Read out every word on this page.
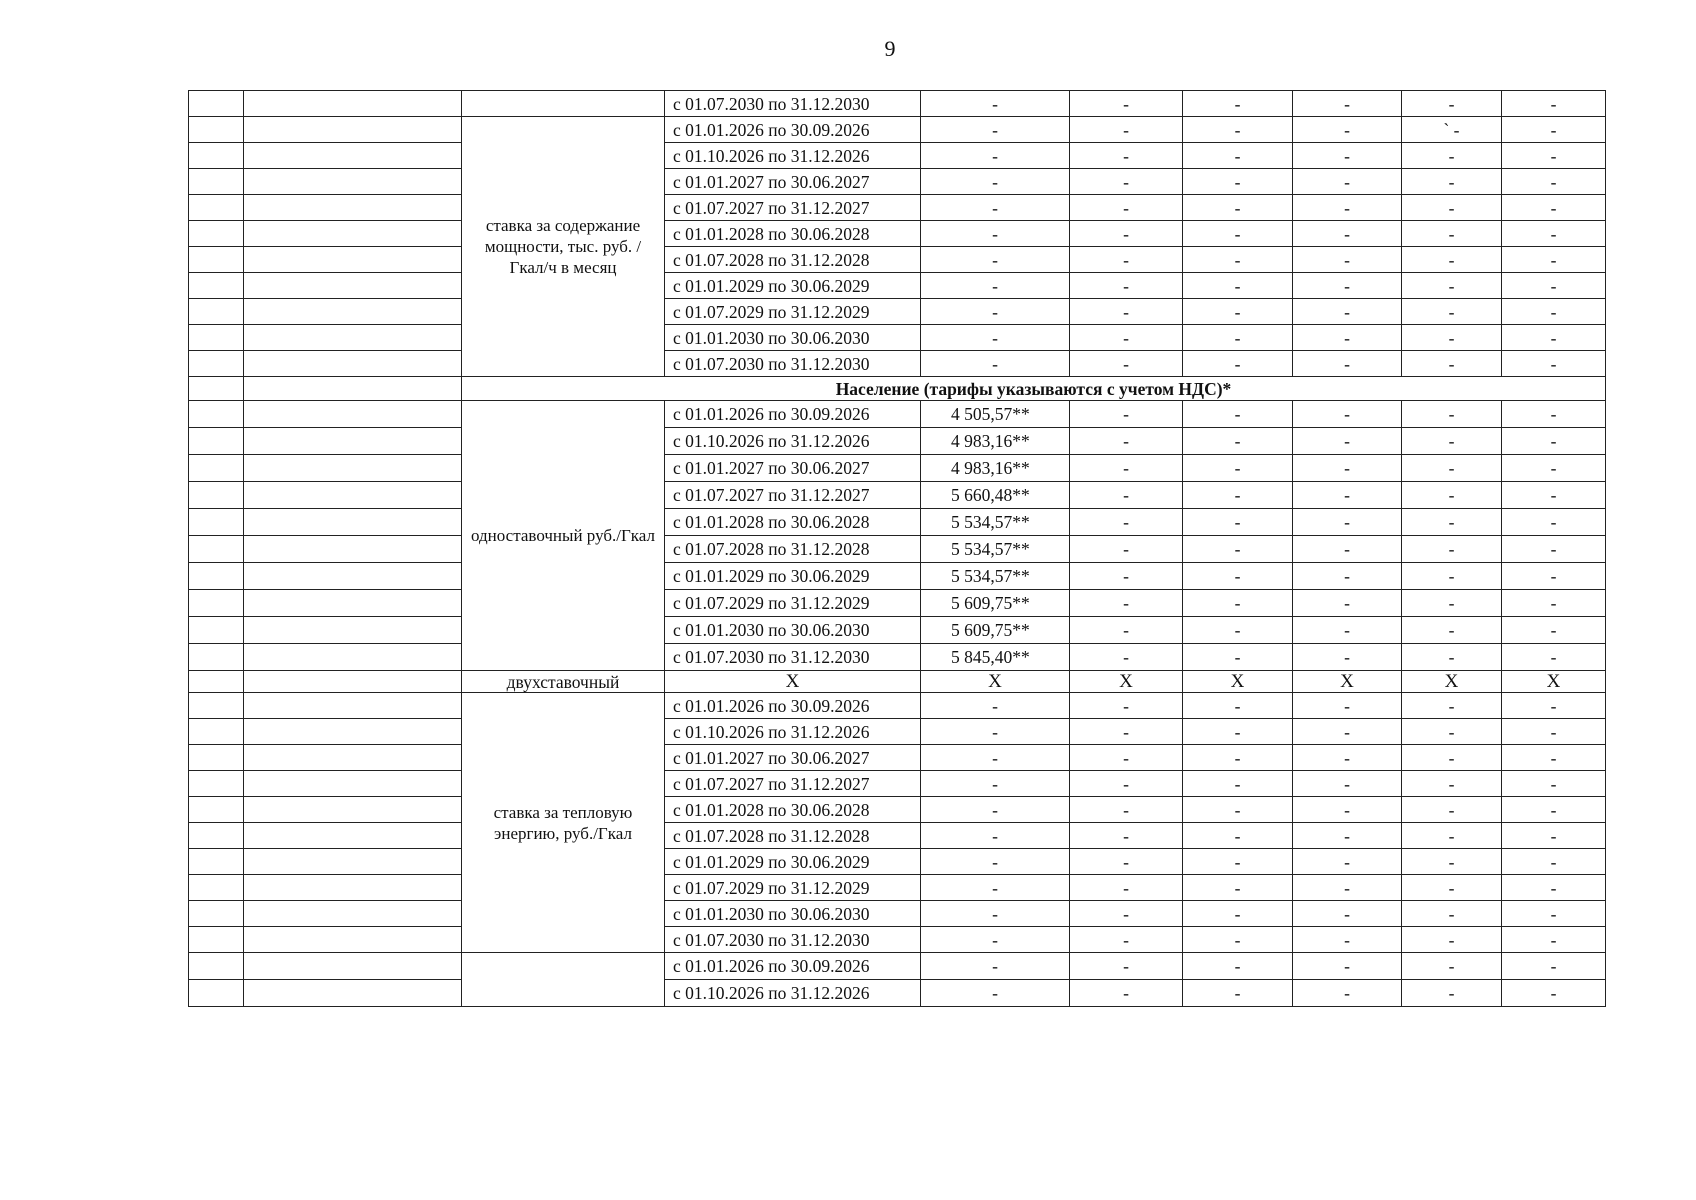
9
			с 01.07.2030 по 31.12.2030	-	-	-	-	-	-
		ставка за содержание мощности, тыс. руб. /Гкал/ч в месяц	с 01.01.2026 по 30.09.2026	-	-	-	-	` -	-
			с 01.10.2026 по 31.12.2026	-	-	-	-	-	-
			с 01.01.2027 по 30.06.2027	-	-	-	-	-	-
			с 01.07.2027 по 31.12.2027	-	-	-	-	-	-
			с 01.01.2028 по 30.06.2028	-	-	-	-	-	-
			с 01.07.2028 по 31.12.2028	-	-	-	-	-	-
			с 01.01.2029 по 30.06.2029	-	-	-	-	-	-
			с 01.07.2029 по 31.12.2029	-	-	-	-	-	-
			с 01.01.2030 по 30.06.2030	-	-	-	-	-	-
			с 01.07.2030 по 31.12.2030	-	-	-	-	-	-
		Население (тарифы указываются с учетом НДС)*							
		одноставочный руб./Гкал	с 01.01.2026 по 30.09.2026	4 505,57**	-	-	-	-	-
			с 01.10.2026 по 31.12.2026	4 983,16**	-	-	-	-	-
			с 01.01.2027 по 30.06.2027	4 983,16**	-	-	-	-	-
			с 01.07.2027 по 31.12.2027	5 660,48**	-	-	-	-	-
			с 01.01.2028 по 30.06.2028	5 534,57**	-	-	-	-	-
			с 01.07.2028 по 31.12.2028	5 534,57**	-	-	-	-	-
			с 01.01.2029 по 30.06.2029	5 534,57**	-	-	-	-	-
			с 01.07.2029 по 31.12.2029	5 609,75**	-	-	-	-	-
			с 01.01.2030 по 30.06.2030	5 609,75**	-	-	-	-	-
			с 01.07.2030 по 31.12.2030	5 845,40**	-	-	-	-	-
		двухставочный	Х	Х	Х	Х	Х	Х	Х
		ставка за тепловую энергию, руб./Гкал	с 01.01.2026 по 30.09.2026	-	-	-	-	-	-
			с 01.10.2026 по 31.12.2026	-	-	-	-	-	-
			с 01.01.2027 по 30.06.2027	-	-	-	-	-	-
			с 01.07.2027 по 31.12.2027	-	-	-	-	-	-
			с 01.01.2028 по 30.06.2028	-	-	-	-	-	-
			с 01.07.2028 по 31.12.2028	-	-	-	-	-	-
			с 01.01.2029 по 30.06.2029	-	-	-	-	-	-
			с 01.07.2029 по 31.12.2029	-	-	-	-	-	-
			с 01.01.2030 по 30.06.2030	-	-	-	-	-	-
			с 01.07.2030 по 31.12.2030	-	-	-	-	-	-
			с 01.01.2026 по 30.09.2026	-	-	-	-	-	-
			с 01.10.2026 по 31.12.2026	-	-	-	-	-	-
